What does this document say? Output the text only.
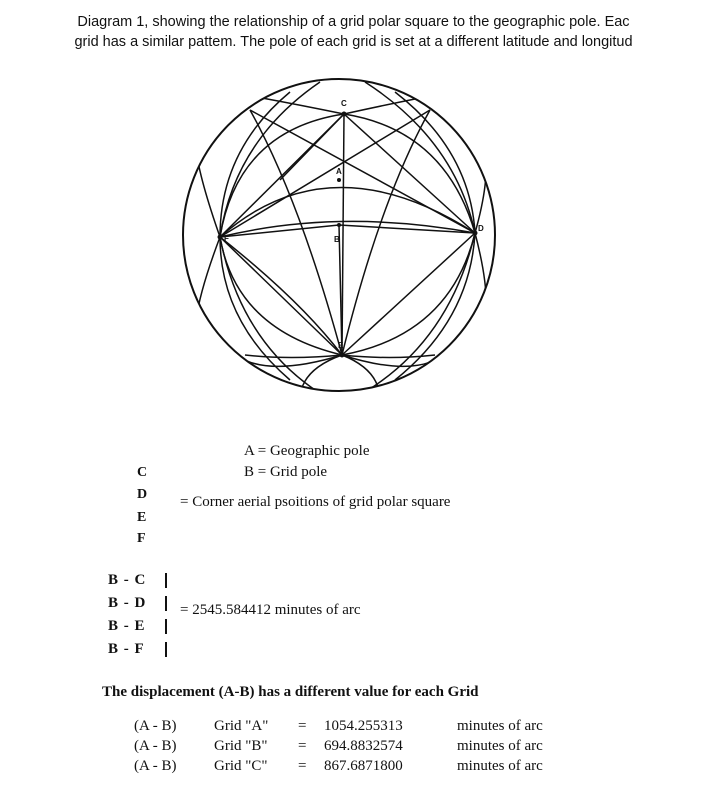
Diagram 1, showing the relationship of a grid polar square to the geographic pole. Eac
grid has a similar pattem. The pole of each grid is set at a different latitude and longitud
C
A
B
F
D
E
A = Geographic pole
B = Grid pole
C
D
E
F
= Corner aerial psoitions of grid polar square
B - C
B - D
B - E
B - F
= 2545.584412 minutes of arc
The displacement (A-B) has a different value for each Grid
(A - B)	Grid "A" = 1054.255313	minutes of arc
(A - B)	Grid "B" = 694.8832574	minutes of arc
(A - B)	Grid "C" = 867.6871800	minutes of arc
